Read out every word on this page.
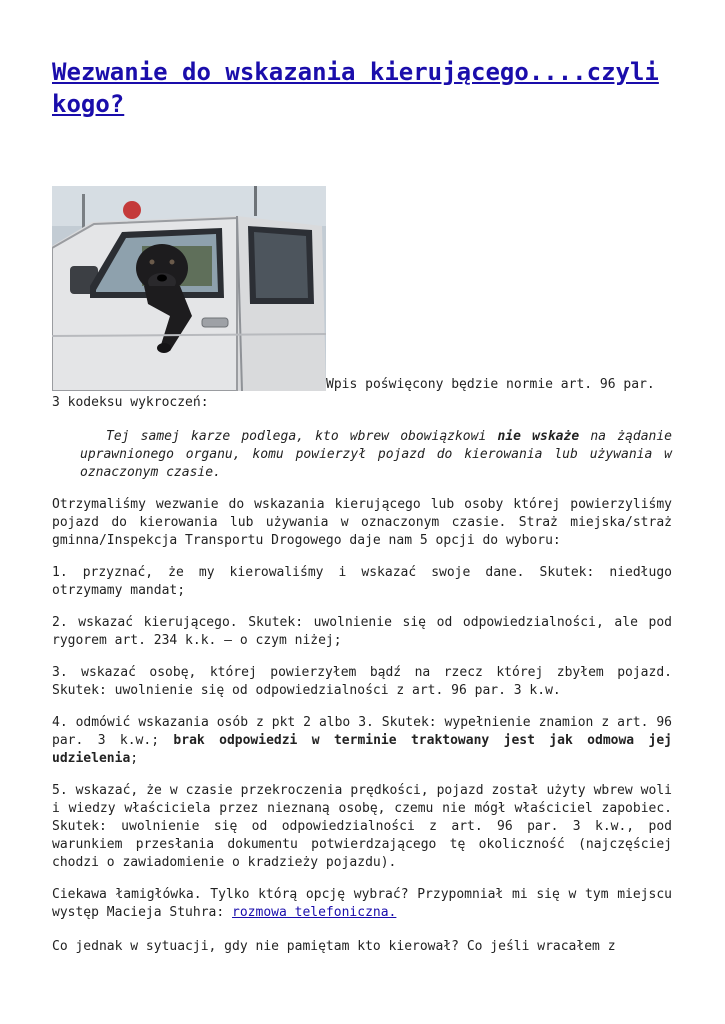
Wezwanie do wskazania kierującego....czyli kogo?

Wpis poświęcony będzie normie art. 96 par.

3 kodeksu wykroczeń:

Tej samej karze podlega, kto wbrew obowiązkowi nie wskaże na żądanie uprawnionego organu, komu powierzył pojazd do kierowania lub używania w oznaczonym czasie.

Otrzymaliśmy wezwanie do wskazania kierującego lub osoby której powierzyliśmy pojazd do kierowania lub używania w oznaczonym czasie. Straż miejska/straż gminna/Inspekcja Transportu Drogowego daje nam 5 opcji do wyboru:

1. przyznać, że my kierowaliśmy i wskazać swoje dane. Skutek: niedługo otrzymamy mandat;

2. wskazać kierującego. Skutek: uwolnienie się od odpowiedzialności, ale pod rygorem art. 234 k.k. – o czym niżej;

3. wskazać osobę, której powierzyłem bądź na rzecz której zbyłem pojazd. Skutek: uwolnienie się od odpowiedzialności z art. 96 par. 3 k.w.

4. odmówić wskazania osób z pkt 2 albo 3. Skutek: wypełnienie znamion z art. 96 par. 3 k.w.; brak odpowiedzi w terminie traktowany jest jak odmowa jej udzielenia;

5. wskazać, że w czasie przekroczenia prędkości, pojazd został użyty wbrew woli i wiedzy właściciela przez nieznaną osobę, czemu nie mógł właściciel zapobiec. Skutek: uwolnienie się od odpowiedzialności z art. 96 par. 3 k.w., pod warunkiem przesłania dokumentu potwierdzającego tę okoliczność (najczęściej chodzi o zawiadomienie o kradzieży pojazdu).

Ciekawa łamigłówka. Tylko którą opcję wybrać? Przypomniał mi się w tym miejscu występ Macieja Stuhra: rozmowa telefoniczna.

Co jednak w sytuacji, gdy nie pamiętam kto kierował? Co jeśli wracałem z
